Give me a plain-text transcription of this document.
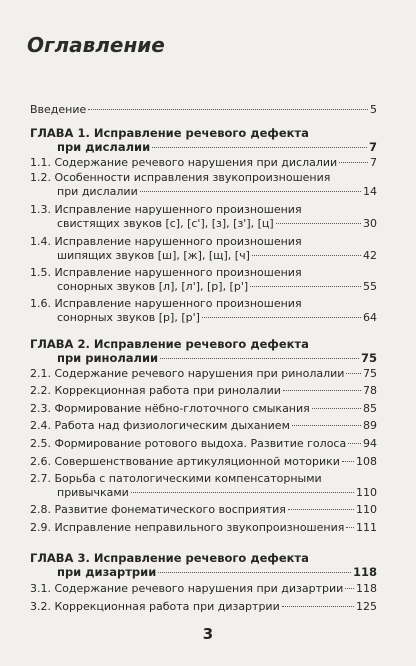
Оглавление
Введение	5
ГЛАВА 1. Исправление речевого дефекта
при дислалии	7
1.1. Содержание речевого нарушения при дислалии	7
1.2. Особенности исправления звукопроизношения
при дислалии	14
1.3. Исправление нарушенного произношения
свистящих звуков [с], [с'], [з], [з'], [ц]	30
1.4. Исправление нарушенного произношения
шипящих звуков [ш], [ж], [щ], [ч]	42
1.5. Исправление нарушенного произношения
сонорных звуков [л], [л'], [р], [р']	55
1.6. Исправление нарушенного произношения
сонорных звуков [р], [р']	64
ГЛАВА 2. Исправление речевого дефекта
при ринолалии	75
2.1. Содержание речевого нарушения при ринолалии 75
2.2. Коррекционная работа при ринолалии	78
2.3. Формирование нёбно-глоточного смыкания	85
2.4. Работа над физиологическим дыханием	89
2.5. Формирование ротового выдоха. Развитие голоса 94
2.6. Совершенствование артикуляционной моторики 108
2.7. Борьба с патологическими компенсаторными
привычками	110
2.8. Развитие фонематического восприятия	110
2.9. Исправление неправильного звукопроизношения 111
ГЛАВА 3. Исправление речевого дефекта
при дизартрии	118
3.1. Содержание речевого нарушения при дизартрии 118
3.2. Коррекционная работа при дизартрии	125
3
